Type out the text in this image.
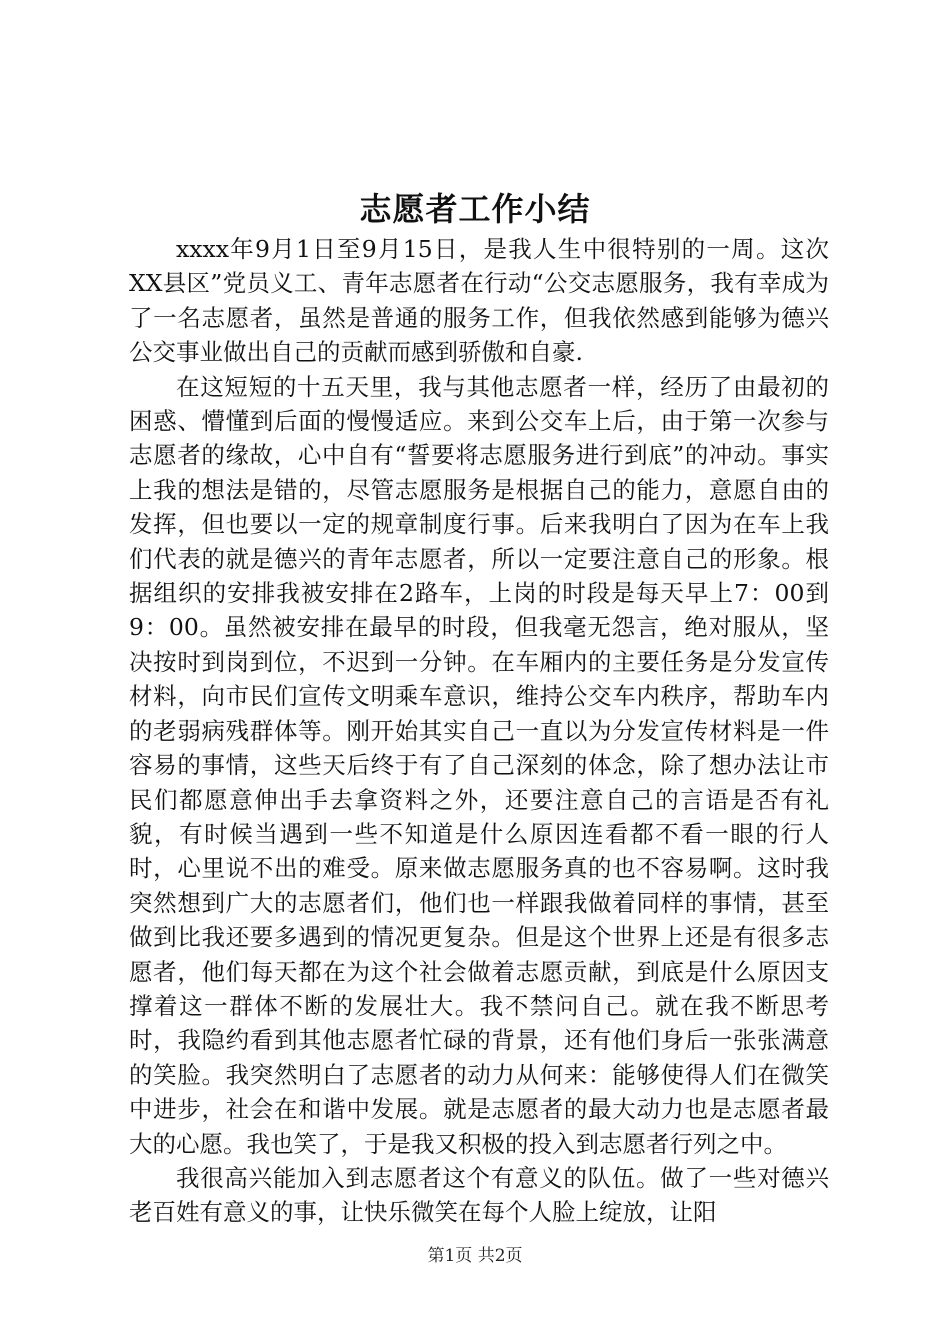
志愿者工作小结

xxxx年9月1日至9月15日，是我人生中很特别的一周。这次XX县区”党员义工、青年志愿者在行动“公交志愿服务，我有幸成为了一名志愿者，虽然是普通的服务工作，但我依然感到能够为德兴公交事业做出自己的贡献而感到骄傲和自豪.

在这短短的十五天里，我与其他志愿者一样，经历了由最初的困惑、懵懂到后面的慢慢适应。来到公交车上后，由于第一次参与志愿者的缘故，心中自有“誓要将志愿服务进行到底”的冲动。事实上我的想法是错的，尽管志愿服务是根据自己的能力，意愿自由的发挥，但也要以一定的规章制度行事。后来我明白了因为在车上我们代表的就是德兴的青年志愿者，所以一定要注意自己的形象。根据组织的安排我被安排在2路车，上岗的时段是每天早上7：00到9：00。虽然被安排在最早的时段，但我毫无怨言，绝对服从，坚决按时到岗到位，不迟到一分钟。在车厢内的主要任务是分发宣传材料，向市民们宣传文明乘车意识，维持公交车内秩序，帮助车内的老弱病残群体等。刚开始其实自己一直以为分发宣传材料是一件容易的事情，这些天后终于有了自己深刻的体念，除了想办法让市民们都愿意伸出手去拿资料之外，还要注意自己的言语是否有礼貌，有时候当遇到一些不知道是什么原因连看都不看一眼的行人时，心里说不出的难受。原来做志愿服务真的也不容易啊。这时我突然想到广大的志愿者们，他们也一样跟我做着同样的事情，甚至做到比我还要多遇到的情况更复杂。但是这个世界上还是有很多志愿者，他们每天都在为这个社会做着志愿贡献，到底是什么原因支撑着这一群体不断的发展壮大。我不禁问自己。就在我不断思考时，我隐约看到其他志愿者忙碌的背景，还有他们身后一张张满意的笑脸。我突然明白了志愿者的动力从何来：能够使得人们在微笑中进步，社会在和谐中发展。就是志愿者的最大动力也是志愿者最大的心愿。我也笑了，于是我又积极的投入到志愿者行列之中。

我很高兴能加入到志愿者这个有意义的队伍。做了一些对德兴老百姓有意义的事，让快乐微笑在每个人脸上绽放，让阳

第1页 共2页
